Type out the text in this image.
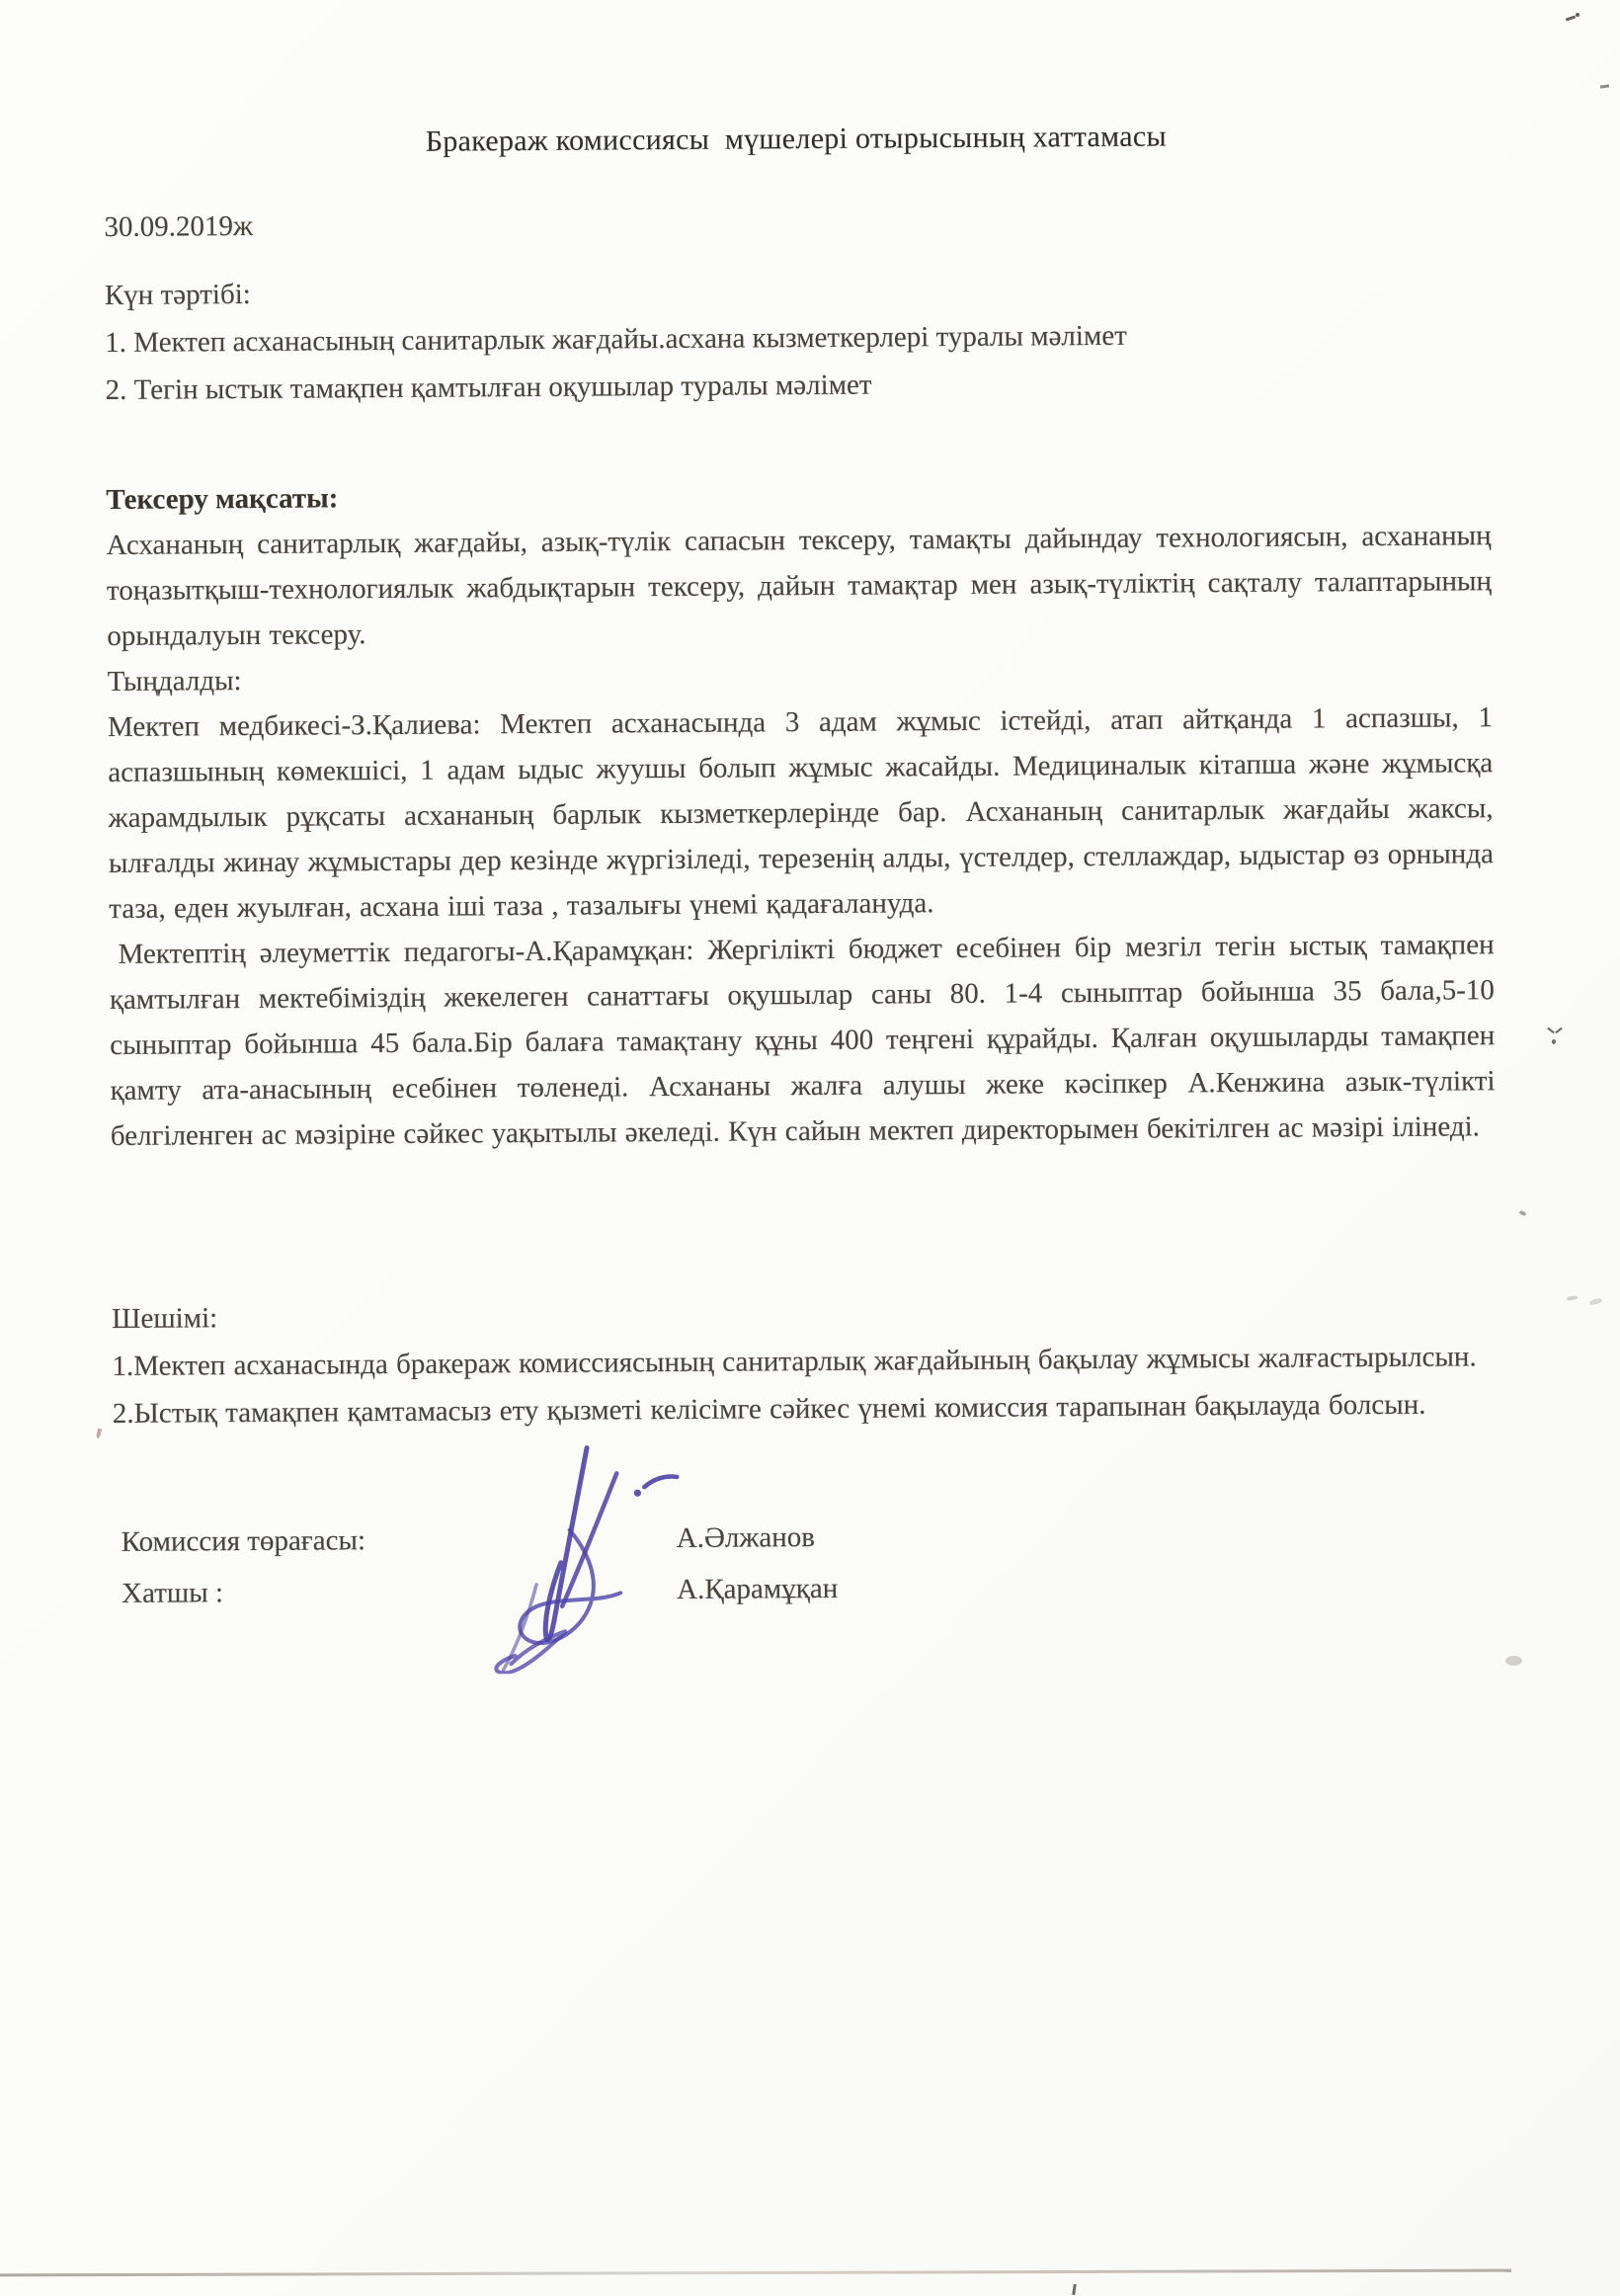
Бракераж комиссиясы  мүшелері отырысының хаттамасы
30.09.2019ж
Күн тәртібі:
1. Мектеп асханасының санитарлык жағдайы.асхана кызметкерлері туралы мәлімет
2. Тегін ыстык тамақпен қамтылған оқушылар туралы мәлімет
Тексеру мақсаты:

Асхананың санитарлық жағдайы, азық-түлік сапасын тексеру, тамақты дайындау технологиясын, асхананың тоңазытқыш-технологиялык жабдықтарын тексеру, дайын тамақтар мен азық-түліктің сақталу талаптарының орындалуын тексеру.

Тыңдалды:

Мектеп медбикесі-З.Қалиева: Мектеп асханасында 3 адам жұмыс істейді, атап айтқанда 1 аспазшы, 1 аспазшының көмекшісі, 1 адам ыдыс жуушы болып жұмыс жасайды. Медициналык кітапша және жұмысқа жарамдылык рұқсаты асхананың барлык кызметкерлерінде бар. Асхананың санитарлык жағдайы жаксы, ылғалды жинау жұмыстары дер кезінде жүргізіледі, терезенің алды, үстелдер, стеллаждар, ыдыстар өз орнында таза, еден жуылған, асхана іші таза , тазалығы үнемі қадағалануда.

Мектептің әлеуметтік педагогы-А.Қарамұқан: Жергілікті бюджет есебінен бір мезгіл тегін ыстық тамақпен қамтылған мектебіміздің жекелеген санаттағы оқушылар саны 80. 1-4 сыныптар бойынша 35 бала,5-10 сыныптар бойынша 45 бала.Бір балаға тамақтану құны 400 теңгені құрайды. Қалған оқушыларды тамақпен қамту ата-анасының есебінен төленеді. Асхананы жалға алушы жеке кәсіпкер А.Кенжина азык-түлікті белгіленген ас мәзіріне сәйкес уақытылы әкеледі. Күн сайын мектеп директорымен бекітілген ас мәзірі ілінеді.

Шешімі:

1.Мектеп асханасында бракераж комиссиясының санитарлық жағдайының бақылау жұмысы жалғастырылсын.

2.Ыстық тамақпен қамтамасыз ету қызметі келісімге сәйкес үнемі комиссия тарапынан бақылауда болсын.

Комиссия төрағасы:	А.Әлжанов
Хатшы :	А.Қарамұқан
